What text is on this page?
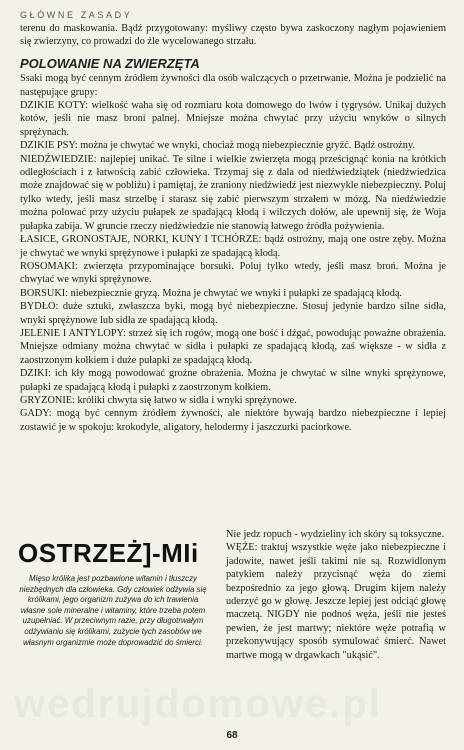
GŁÓWNE ZASADY

terenu do maskowania. Bądź przygotowany: myśliwy często bywa zaskoczony nagłym pojawieniem się zwierzyny, co prowadzi do źle wycelowanego strzału.

POLOWANIE NA ZWIERZĘTA

Ssaki mogą być cennym źródłem żywności dla osób walczących o przetrwanie. Można je podzielić na następujące grupy:

DZIKIE KOTY: wielkość waha się od rozmiaru kota domowego do lwów i tygrysów. Unikaj dużych kotów, jeśli nie masz broni palnej. Mniejsze można chwytać przy użyciu wnyków o silnych sprężynach.

DZIKIE PSY: można je chwytać we wnyki, chociaż mogą niebezpiecznie gryźć. Bądź ostrożny.

NIEDŹWIEDZIE: najlepiej unikać. Te silne i wielkie zwierzęta mogą prześcignąć konia na krótkich odległościach i z łatwością zabić człowieka. Trzymaj się z dala od niedźwiedziątek (niedźwiedzica może znajdować się w pobliżu) i pamiętaj, że zraniony niedźwiedź jest niezwykle niebezpieczny. Poluj tylko wtedy, jeśli masz strzelbę i starasz się zabić pierwszym strzałem w mózg. Na niedźwiedzie można polować przy użyciu pułapek ze spadającą kłodą i wilczych dołów, ale upewnij się, że Woja pułapka zabija. W gruncie rzeczy niedźwiedzie nie stanowią łatwego źródła pożywienia.

ŁASICE, GRONOSTAJE, NORKI, KUNY I TCHÓRZE: bądź ostrożny, mają one ostre zęby. Można je chwytać we wnyki sprężynowe i pułapki ze spadającą kłodą.

ROSOMAKI: zwierzęta przypominające borsuki. Poluj tylko wtedy, jeśli masz broń. Można je chwytać we wnyki sprężynowe.

BORSUKI: niebezpiecznie gryzą. Można je chwytać we wnyki i pułapki ze spadającą kłodą.

BYDŁO: duże sztuki, zwłaszcza byki, mogą być niebezpieczne. Stosuj jedynie bardzo silne sidła, wnyki sprężynowe lub sidła ze spadającą kłodą.

JELENIE I ANTYLOPY: strzeż się ich rogów, mogą one bość i dźgać, powodując poważne obrażenia. Mniejsze odmiany można chwytać w sidła i pułapki ze spadającą kłodą, zaś większe - w sidła z zaostrzonym kołkiem i duże pułapki ze spadającą kłodą.

DZIKI: ich kły mogą powodować groźne obrażenia. Można je chwytać w silne wnyki sprężynowe, pułapki ze spadającą kłodą i pułapki z zaostrzonym kołkiem.

GRYZONIE: króliki chwyta się łatwo w sidła i wnyki sprężynowe.

GADY: mogą być cennym źródłem żywności, ale niektóre bywają bardzo niebezpieczne i lepiej zostawić je w spokoju: krokodyle, aligatory, helodermy i jaszczurki paciorkowe.

OSTRZEŻ]-MIi

Mięso królika jest pozbawione witamin i tłuszczy niezbędnych dla człowieka. Gdy człowiek odżywia się królikami, jego organizm zużywa do ich trawienia własne sole mineralne i witaminy, które trzeba potem uzupełniać. W przeciwnym razie, przy długotrwałym odżywianiu się królikami, zużycie tych zasobów we własnym organizmie może doprowadzić do śmierci.

Nie jedz ropuch - wydzieliny ich skóry są toksyczne.

WĘŻE: traktuj wszystkie węże jako niebezpieczne i jadowite, nawet jeśli takimi nie są. Rozwidlonym patykiem należy przycisnąć węża do ziemi bezpośrednio za jego głową. Drugim kijem należy uderzyć go w głowę. Jeszcze lepiej jest odciąć głowę maczetą. NIGDY nie podnoś węża, jeśli nie jesteś pewien, że jest martwy; niektóre węże potrafią w przekonywujący sposób symulować śmierć. Nawet martwe mogą w drgawkach "ukąsić".

wedrujdomowe.pl
68
